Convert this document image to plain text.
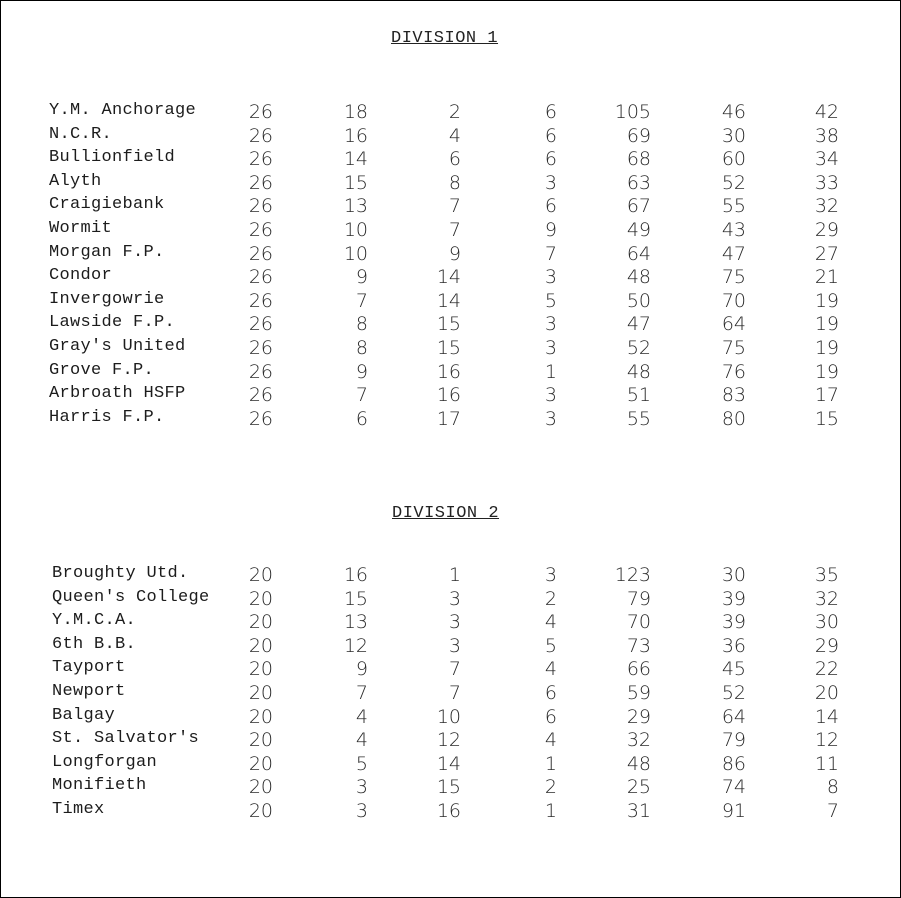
DIVISION 1
Y.M. Anchorage	26	18	2	6	105	46	42
N.C.R.	26	16	4	6	69	30	38
Bullionfield	26	14	6	6	68	60	34
Alyth	26	15	8	3	63	52	33
Craigiebank	26	13	7	6	67	55	32
Wormit	26	10	7	9	49	43	29
Morgan F.P.	26	10	9	7	64	47	27
Condor	26	9	14	3	48	75	21
Invergowrie	26	7	14	5	50	70	19
Lawside F.P.	26	8	15	3	47	64	19
Gray's United	26	8	15	3	52	75	19
Grove F.P.	26	9	16	1	48	76	19
Arbroath HSFP	26	7	16	3	51	83	17
Harris F.P.	26	6	17	3	55	80	15
DIVISION 2
Broughty Utd.	20	16	1	3	123	30	35
Queen's College	20	15	3	2	79	39	32
Y.M.C.A.	20	13	3	4	70	39	30
6th B.B.	20	12	3	5	73	36	29
Tayport	20	9	7	4	66	45	22
Newport	20	7	7	6	59	52	20
Balgay	20	4	10	6	29	64	14
St. Salvator's	20	4	12	4	32	79	12
Longforgan	20	5	14	1	48	86	11
Monifieth	20	3	15	2	25	74	8
Timex	20	3	16	1	31	91	7
